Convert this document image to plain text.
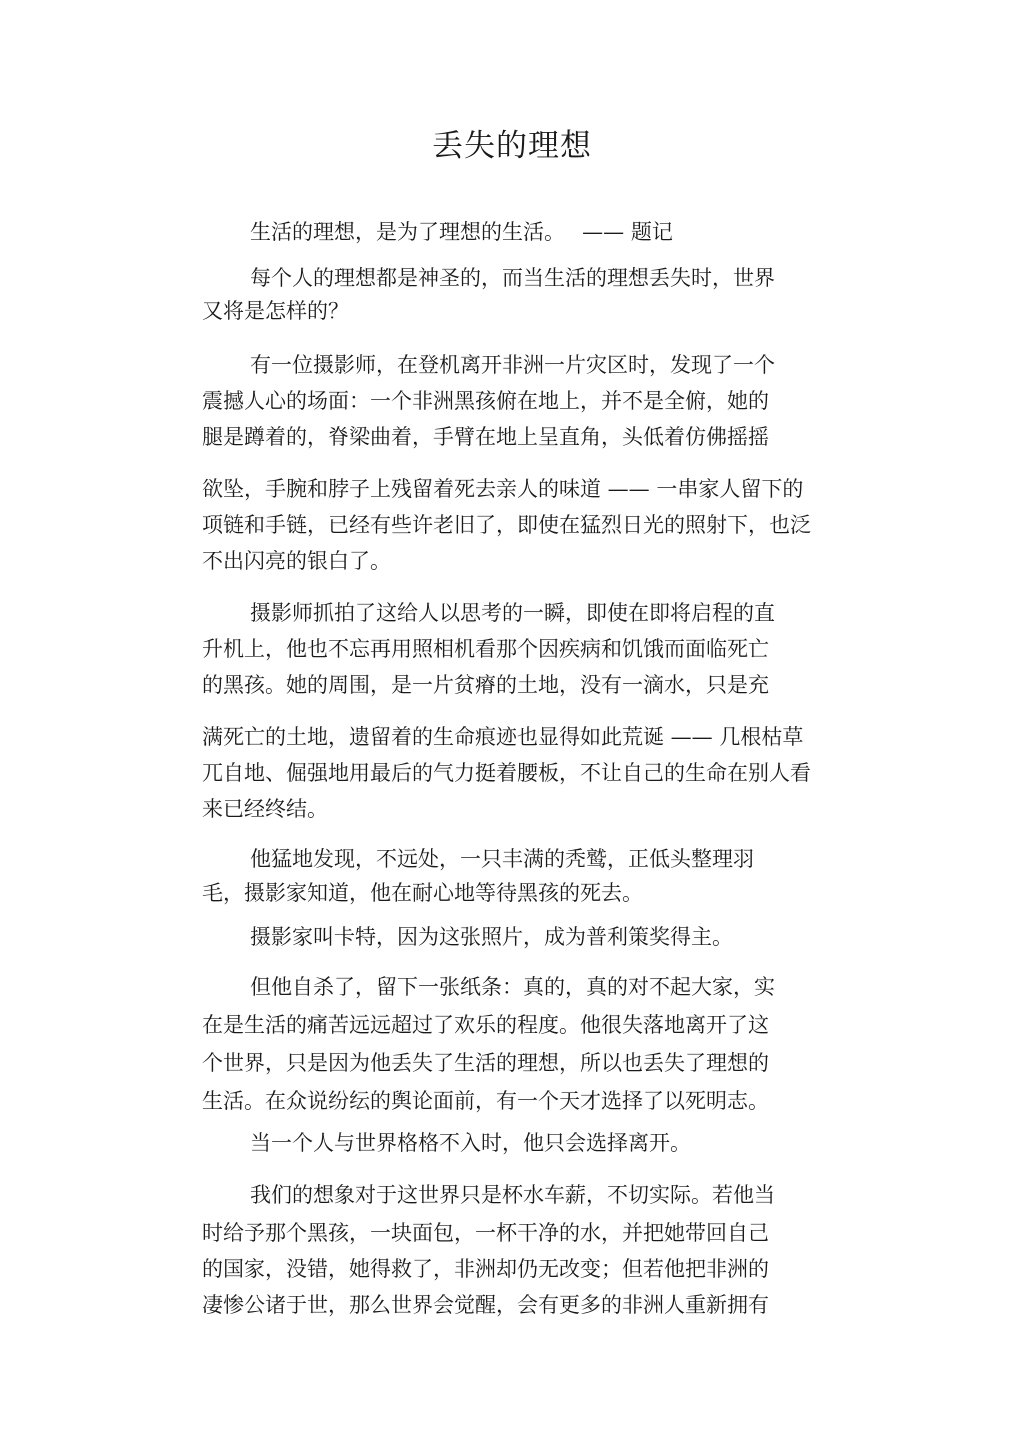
丢失的理想
生活的理想，是为了理想的生活。　 —— 题记
每个人的理想都是神圣的，而当生活的理想丢失时，世界
又将是怎样的？
有一位摄影师，在登机离开非洲一片灾区时，发现了一个
震撼人心的场面：一个非洲黑孩俯在地上，并不是全俯，她的
腿是蹲着的，脊梁曲着，手臂在地上呈直角，头低着仿佛摇摇
欲坠，手腕和脖子上残留着死去亲人的味道 —— 一串家人留下的
项链和手链，已经有些许老旧了，即使在猛烈日光的照射下，也泛
不出闪亮的银白了。
摄影师抓拍了这给人以思考的一瞬，即使在即将启程的直
升机上，他也不忘再用照相机看那个因疾病和饥饿而面临死亡
的黑孩。她的周围，是一片贫瘠的土地，没有一滴水，只是充
满死亡的土地，遗留着的生命痕迹也显得如此荒诞 —— 几根枯草
兀自地、倔强地用最后的气力挺着腰板，不让自己的生命在别人看
来已经终结。
他猛地发现，不远处，一只丰满的秃鹫，正低头整理羽
毛，摄影家知道，他在耐心地等待黑孩的死去。
摄影家叫卡特，因为这张照片，成为普利策奖得主。
但他自杀了，留下一张纸条：真的，真的对不起大家，实
在是生活的痛苦远远超过了欢乐的程度。他很失落地离开了这
个世界，只是因为他丢失了生活的理想，所以也丢失了理想的
生活。在众说纷纭的舆论面前，有一个天才选择了以死明志。
当一个人与世界格格不入时，他只会选择离开。
我们的想象对于这世界只是杯水车薪，不切实际。若他当
时给予那个黑孩，一块面包，一杯干净的水，并把她带回自己
的国家，没错，她得救了，非洲却仍无改变；但若他把非洲的
凄惨公诸于世，那么世界会觉醒，会有更多的非洲人重新拥有
